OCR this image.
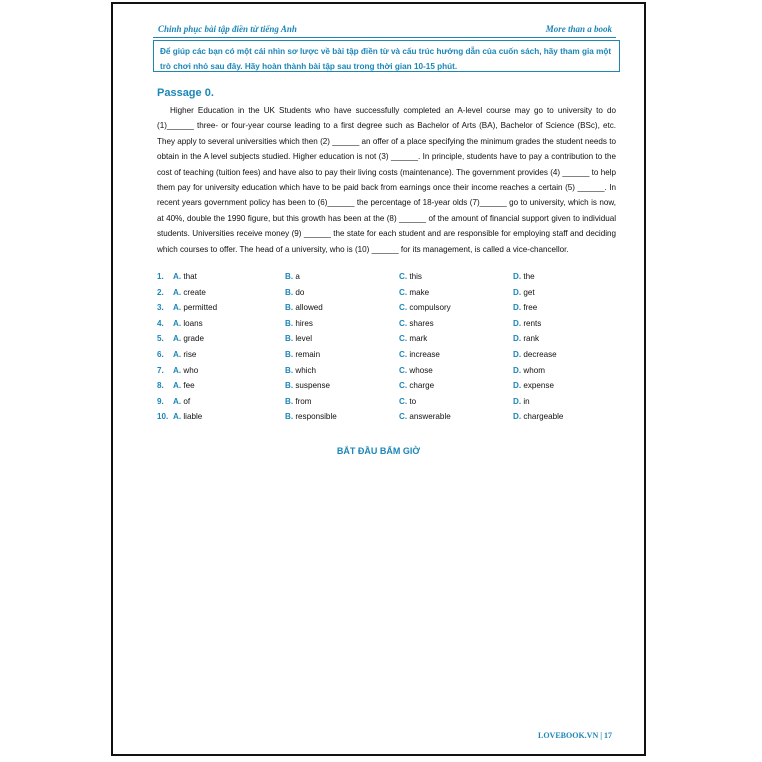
Chinh phục bài tập điền từ tiếng Anh	More than a book
Để giúp các bạn có một cái nhìn sơ lược về bài tập điền từ và cấu trúc hướng dẫn của cuốn sách, hãy tham gia một trò chơi nhỏ sau đây. Hãy hoàn thành bài tập sau trong thời gian 10-15 phút.
Passage 0.

Higher Education in the UK Students who have successfully completed an A-level course may go to university to do (1)______ three- or four-year course leading to a first degree such as Bachelor of Arts (BA), Bachelor of Science (BSc), etc. They apply to several universities which then (2) ______ an offer of a place specifying the minimum grades the student needs to obtain in the A level subjects studied. Higher education is not (3) ______. In principle, students have to pay a contribution to the cost of teaching (tuition fees) and have also to pay their living costs (maintenance). The government provides (4) ______ to help them pay for university education which have to be paid back from earnings once their income reaches a certain (5) ______. In recent years government policy has been to (6)______ the percentage of 18-year olds (7)______ go to university, which is now, at 40%, double the 1990 figure, but this growth has been at the (8) ______ of the amount of financial support given to individual students. Universities receive money (9) ______ the state for each student and are responsible for employing staff and deciding which courses to offer. The head of a university, who is (10) ______ for its management, is called a vice-chancellor.

1. A. that	B. a	C. this	D. the
2. A. create	B. do	C. make	D. get
3. A. permitted	B. allowed	C. compulsory	D. free
4. A. loans	B. hires	C. shares	D. rents
5. A. grade	B. level	C. mark	D. rank
6. A. rise	B. remain	C. increase	D. decrease
7. A. who	B. which	C. whose	D. whom
8. A. fee	B. suspense	C. charge	D. expense
9. A. of	B. from	C. to	D. in
10. A. liable	B. responsible	C. answerable	D. chargeable
BẮT ĐẦU BẤM GIỜ
LOVEBOOK.VN | 17
